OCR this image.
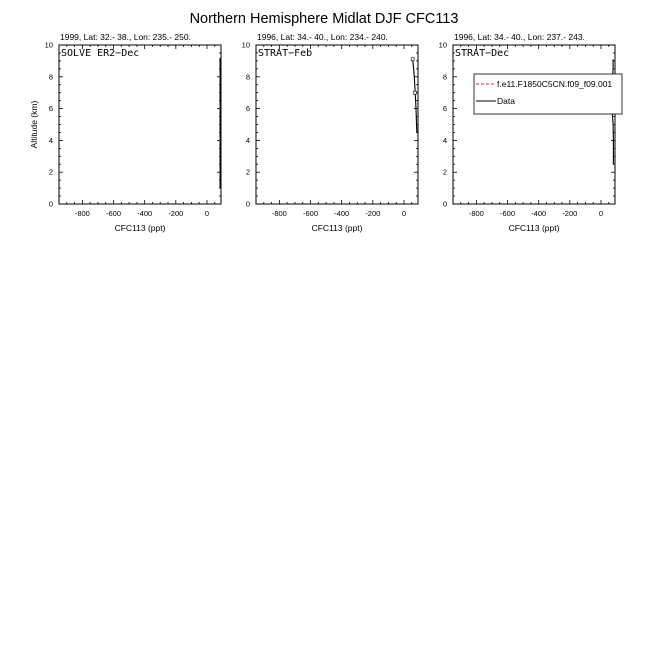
Northern Hemisphere Midlat DJF CFC113
1999, Lat: 32.- 38., Lon: 235.- 250.
SOLVE ER2−Dec
-800 -600 -400 -200	0
0
2
4
6
8
10
CFC113 (ppt)
Altitude (km)
1996, Lat: 34.- 40., Lon: 234.- 240.
STRAT−Feb
-800 -600 -400 -200	0
0
2
4
6
8
10
CFC113 (ppt)
1996, Lat: 34.- 40., Lon: 237.- 243.
STRAT−Dec
-800 -600 -400 -200	0
0
2
4
6
8
10
CFC113 (ppt)
f.e11.F1850C5CN.f09_f09.001
Data
